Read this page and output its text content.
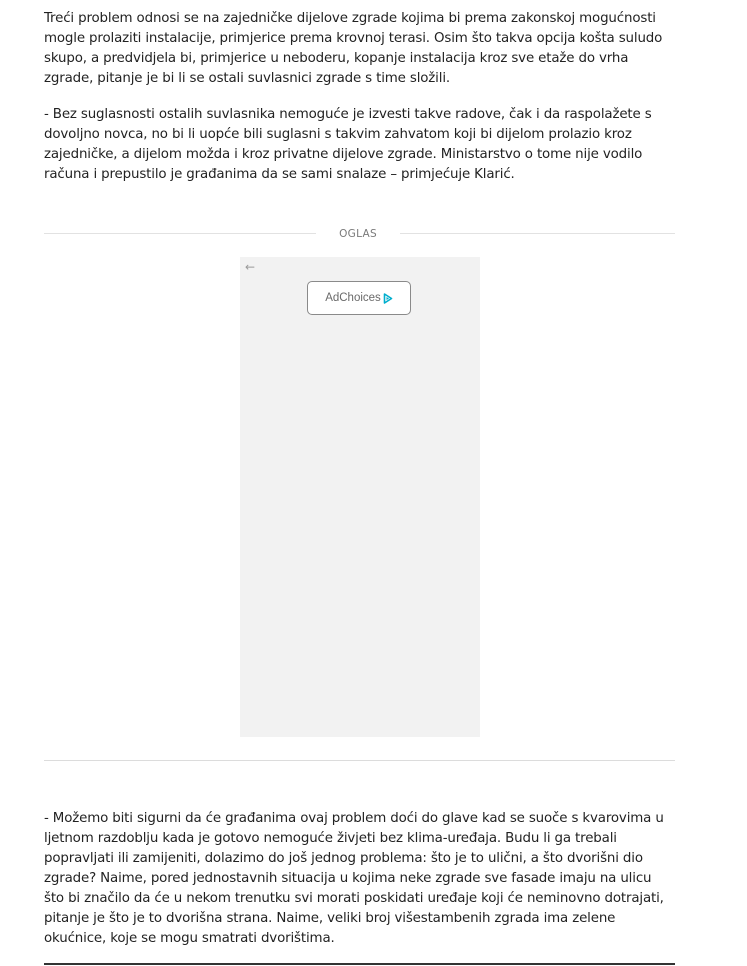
Treći problem odnosi se na zajedničke dijelove zgrade kojima bi prema zakonskoj mogućnosti mogle prolaziti instalacije, primjerice prema krovnoj terasi. Osim što takva opcija košta suludo skupo, a predvidjela bi, primjerice u neboderu, kopanje instalacija kroz sve etaže do vrha zgrade, pitanje je bi li se ostali suvlasnici zgrade s time složili.

- Bez suglasnosti ostalih suvlasnika nemoguće je izvesti takve radove, čak i da raspolažete s dovoljno novca, no bi li uopće bili suglasni s takvim zahvatom koji bi dijelom prolazio kroz zajedničke, a dijelom možda i kroz privatne dijelove zgrade. Ministarstvo o tome nije vodilo računa i prepustilo je građanima da se sami snalaze – primjećuje Klarić.

OGLAS
←
AdChoices

- Možemo biti sigurni da će građanima ovaj problem doći do glave kad se suoče s kvarovima u ljetnom razdoblju kada je gotovo nemoguće živjeti bez klima-uređaja. Budu li ga trebali popravljati ili zamijeniti, dolazimo do još jednog problema: što je to ulični, a što dvorišni dio zgrade? Naime, pored jednostavnih situacija u kojima neke zgrade sve fasade imaju na ulicu što bi značilo da će u nekom trenutku svi morati poskidati uređaje koji će neminovno dotrajati, pitanje je što je to dvorišna strana. Naime, veliki broj višestambenih zgrada ima zelene okućnice, koje se mogu smatrati dvorištima.
